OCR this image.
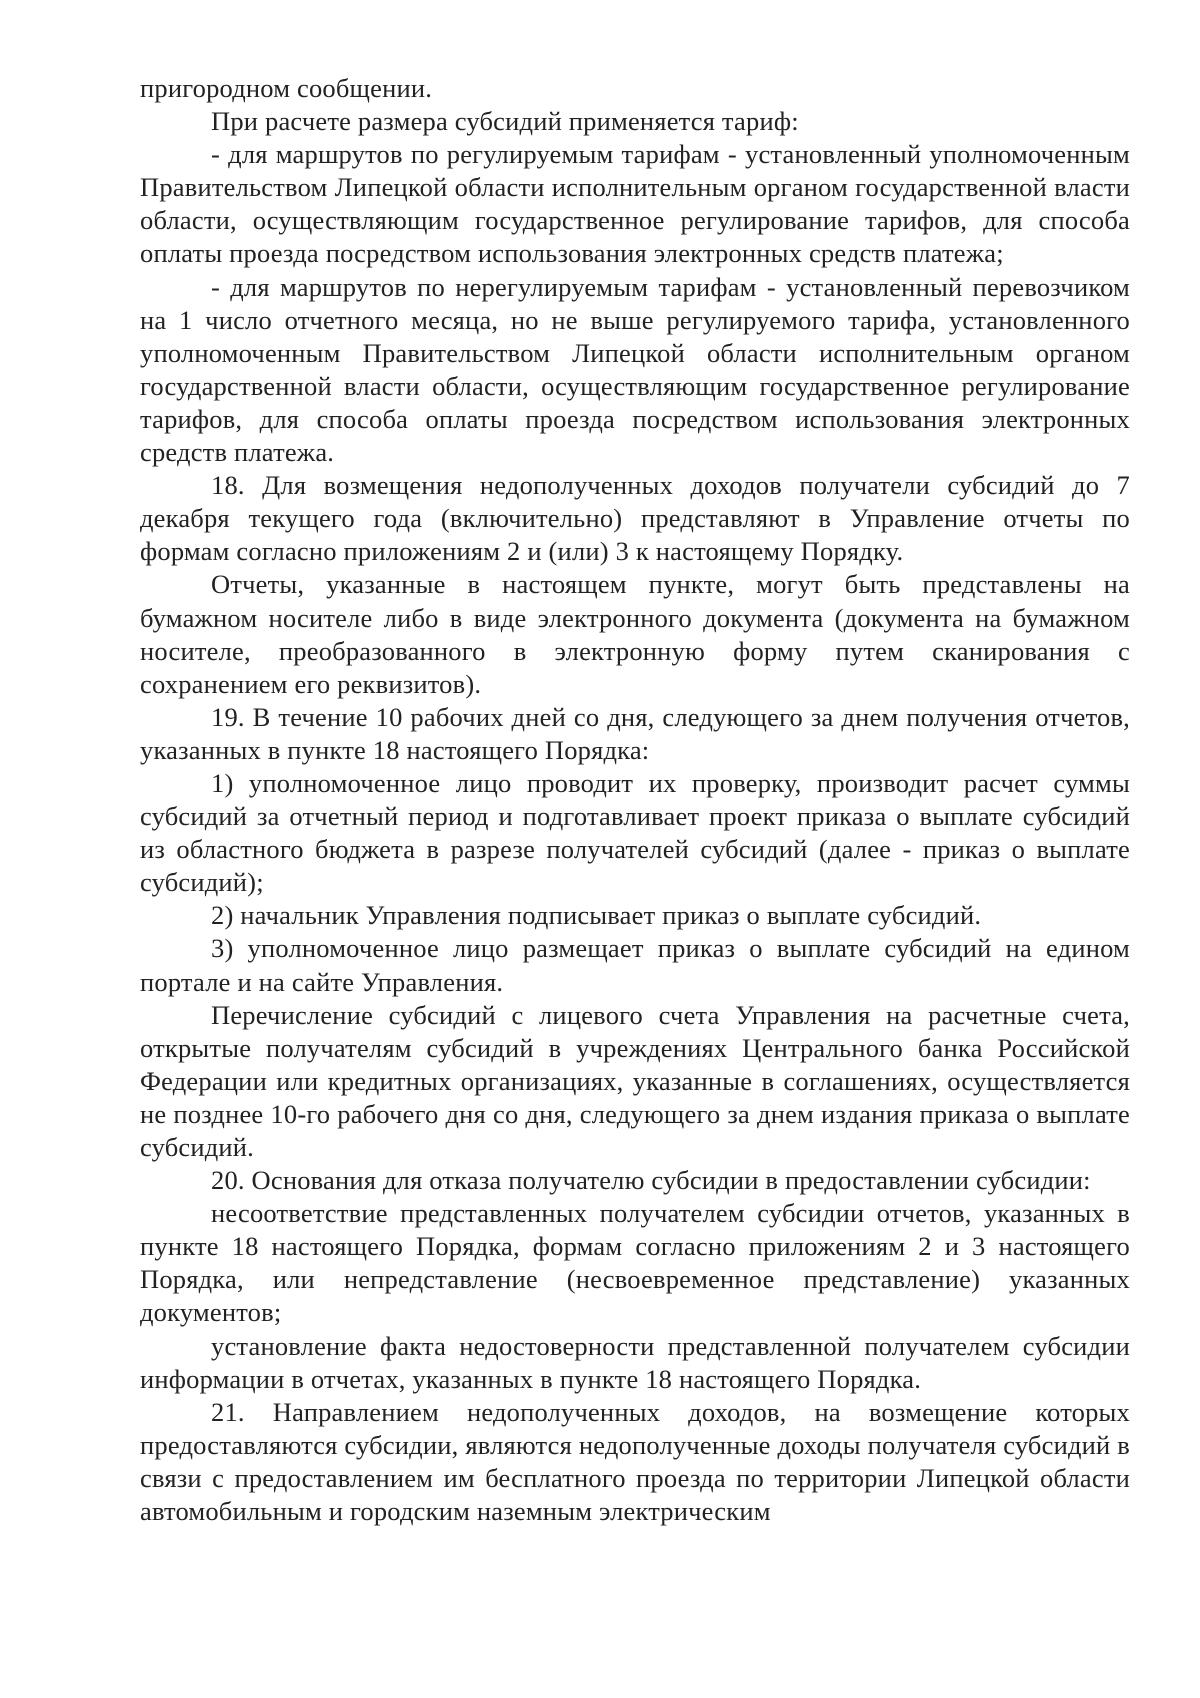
пригородном сообщении.

При расчете размера субсидий применяется тариф:

- для маршрутов по регулируемым тарифам - установленный уполномоченным Правительством Липецкой области исполнительным органом государственной власти области, осуществляющим государственное регулирование тарифов, для способа оплаты проезда посредством использования электронных средств платежа;

- для маршрутов по нерегулируемым тарифам - установленный перевозчиком на 1 число отчетного месяца, но не выше регулируемого тарифа, установленного уполномоченным Правительством Липецкой области исполнительным органом государственной власти области, осуществляющим государственное регулирование тарифов, для способа оплаты проезда посредством использования электронных средств платежа.

18. Для возмещения недополученных доходов получатели субсидий до 7 декабря текущего года (включительно) представляют в Управление отчеты по формам согласно приложениям 2 и (или) 3 к настоящему Порядку.

Отчеты, указанные в настоящем пункте, могут быть представлены на бумажном носителе либо в виде электронного документа (документа на бумажном носителе, преобразованного в электронную форму путем сканирования с сохранением его реквизитов).

19. В течение 10 рабочих дней со дня, следующего за днем получения отчетов, указанных в пункте 18 настоящего Порядка:

1) уполномоченное лицо проводит их проверку, производит расчет суммы субсидий за отчетный период и подготавливает проект приказа о выплате субсидий из областного бюджета в разрезе получателей субсидий (далее - приказ о выплате субсидий);

2) начальник Управления подписывает приказ о выплате субсидий.

3) уполномоченное лицо размещает приказ о выплате субсидий на едином портале и на сайте Управления.

Перечисление субсидий с лицевого счета Управления на расчетные счета, открытые получателям субсидий в учреждениях Центрального банка Российской Федерации или кредитных организациях, указанные в соглашениях, осуществляется не позднее 10-го рабочего дня со дня, следующего за днем издания приказа о выплате субсидий.

20. Основания для отказа получателю субсидии в предоставлении субсидии:

несоответствие представленных получателем субсидии отчетов, указанных в пункте 18 настоящего Порядка, формам согласно приложениям 2 и 3 настоящего Порядка, или непредставление (несвоевременное представление) указанных документов;

установление факта недостоверности представленной получателем субсидии информации в отчетах, указанных в пункте 18 настоящего Порядка.

21. Направлением недополученных доходов, на возмещение которых предоставляются субсидии, являются недополученные доходы получателя субсидий в связи с предоставлением им бесплатного проезда по территории Липецкой области автомобильным и городским наземным электрическим
